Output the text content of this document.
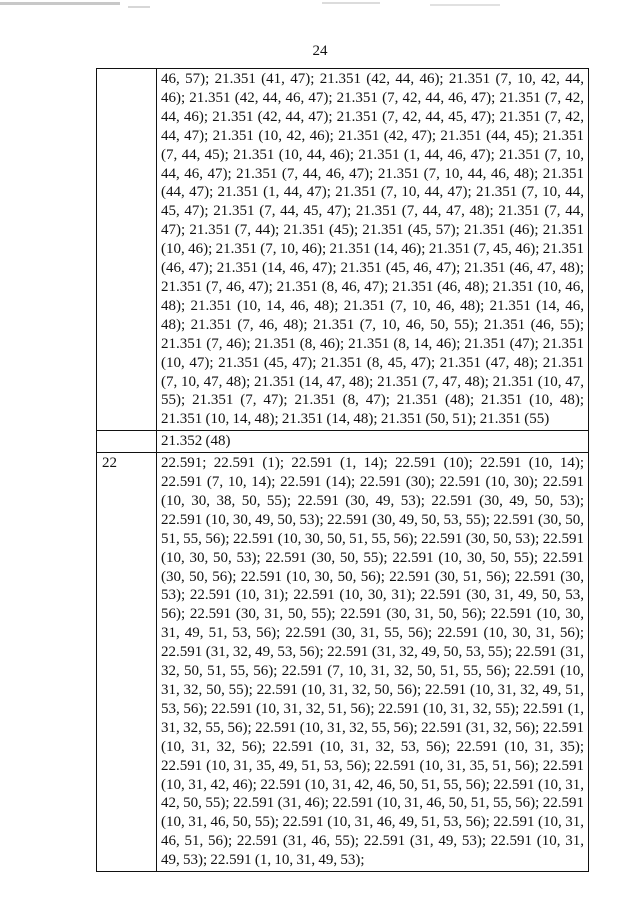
24
	46, 57); 21.351 (41, 47); 21.351 (42, 44, 46); 21.351 (7, 10, 42, 44, 46); 21.351 (42, 44, 46, 47); 21.351 (7, 42, 44, 46, 47); 21.351 (7, 42, 44, 46); 21.351 (42, 44, 47); 21.351 (7, 42, 44, 45, 47); 21.351 (7, 42, 44, 47); 21.351 (10, 42, 46); 21.351 (42, 47); 21.351 (44, 45); 21.351 (7, 44, 45); 21.351 (10, 44, 46); 21.351 (1, 44, 46, 47); 21.351 (7, 10, 44, 46, 47); 21.351 (7, 44, 46, 47); 21.351 (7, 10, 44, 46, 48); 21.351 (44, 47); 21.351 (1, 44, 47); 21.351 (7, 10, 44, 47); 21.351 (7, 10, 44, 45, 47); 21.351 (7, 44, 45, 47); 21.351 (7, 44, 47, 48); 21.351 (7, 44, 47); 21.351 (7, 44); 21.351 (45); 21.351 (45, 57); 21.351 (46); 21.351 (10, 46); 21.351 (7, 10, 46); 21.351 (14, 46); 21.351 (7, 45, 46); 21.351 (46, 47); 21.351 (14, 46, 47); 21.351 (45, 46, 47); 21.351 (46, 47, 48); 21.351 (7, 46, 47); 21.351 (8, 46, 47); 21.351 (46, 48); 21.351 (10, 46, 48); 21.351 (10, 14, 46, 48); 21.351 (7, 10, 46, 48); 21.351 (14, 46, 48); 21.351 (7, 46, 48); 21.351 (7, 10, 46, 50, 55); 21.351 (46, 55); 21.351 (7, 46); 21.351 (8, 46); 21.351 (8, 14, 46); 21.351 (47); 21.351 (10, 47); 21.351 (45, 47); 21.351 (8, 45, 47); 21.351 (47, 48); 21.351 (7, 10, 47, 48); 21.351 (14, 47, 48); 21.351 (7, 47, 48); 21.351 (10, 47, 55); 21.351 (7, 47); 21.351 (8, 47); 21.351 (48); 21.351 (10, 48); 21.351 (10, 14, 48); 21.351 (14, 48); 21.351 (50, 51); 21.351 (55)
	21.352 (48)
22	22.591; 22.591 (1); 22.591 (1, 14); 22.591 (10); 22.591 (10, 14); 22.591 (7, 10, 14); 22.591 (14); 22.591 (30); 22.591 (10, 30); 22.591 (10, 30, 38, 50, 55); 22.591 (30, 49, 53); 22.591 (30, 49, 50, 53); 22.591 (10, 30, 49, 50, 53); 22.591 (30, 49, 50, 53, 55); 22.591 (30, 50, 51, 55, 56); 22.591 (10, 30, 50, 51, 55, 56); 22.591 (30, 50, 53); 22.591 (10, 30, 50, 53); 22.591 (30, 50, 55); 22.591 (10, 30, 50, 55); 22.591 (30, 50, 56); 22.591 (10, 30, 50, 56); 22.591 (30, 51, 56); 22.591 (30, 53); 22.591 (10, 31); 22.591 (10, 30, 31); 22.591 (30, 31, 49, 50, 53, 56); 22.591 (30, 31, 50, 55); 22.591 (30, 31, 50, 56); 22.591 (10, 30, 31, 49, 51, 53, 56); 22.591 (30, 31, 55, 56); 22.591 (10, 30, 31, 56); 22.591 (31, 32, 49, 53, 56); 22.591 (31, 32, 49, 50, 53, 55); 22.591 (31, 32, 50, 51, 55, 56); 22.591 (7, 10, 31, 32, 50, 51, 55, 56); 22.591 (10, 31, 32, 50, 55); 22.591 (10, 31, 32, 50, 56); 22.591 (10, 31, 32, 49, 51, 53, 56); 22.591 (10, 31, 32, 51, 56); 22.591 (10, 31, 32, 55); 22.591 (1, 31, 32, 55, 56); 22.591 (10, 31, 32, 55, 56); 22.591 (31, 32, 56); 22.591 (10, 31, 32, 56); 22.591 (10, 31, 32, 53, 56); 22.591 (10, 31, 35); 22.591 (10, 31, 35, 49, 51, 53, 56); 22.591 (10, 31, 35, 51, 56); 22.591 (10, 31, 42, 46); 22.591 (10, 31, 42, 46, 50, 51, 55, 56); 22.591 (10, 31, 42, 50, 55); 22.591 (31, 46); 22.591 (10, 31, 46, 50, 51, 55, 56); 22.591 (10, 31, 46, 50, 55); 22.591 (10, 31, 46, 49, 51, 53, 56); 22.591 (10, 31, 46, 51, 56); 22.591 (31, 46, 55); 22.591 (31, 49, 53); 22.591 (10, 31, 49, 53); 22.591 (1, 10, 31, 49, 53);
